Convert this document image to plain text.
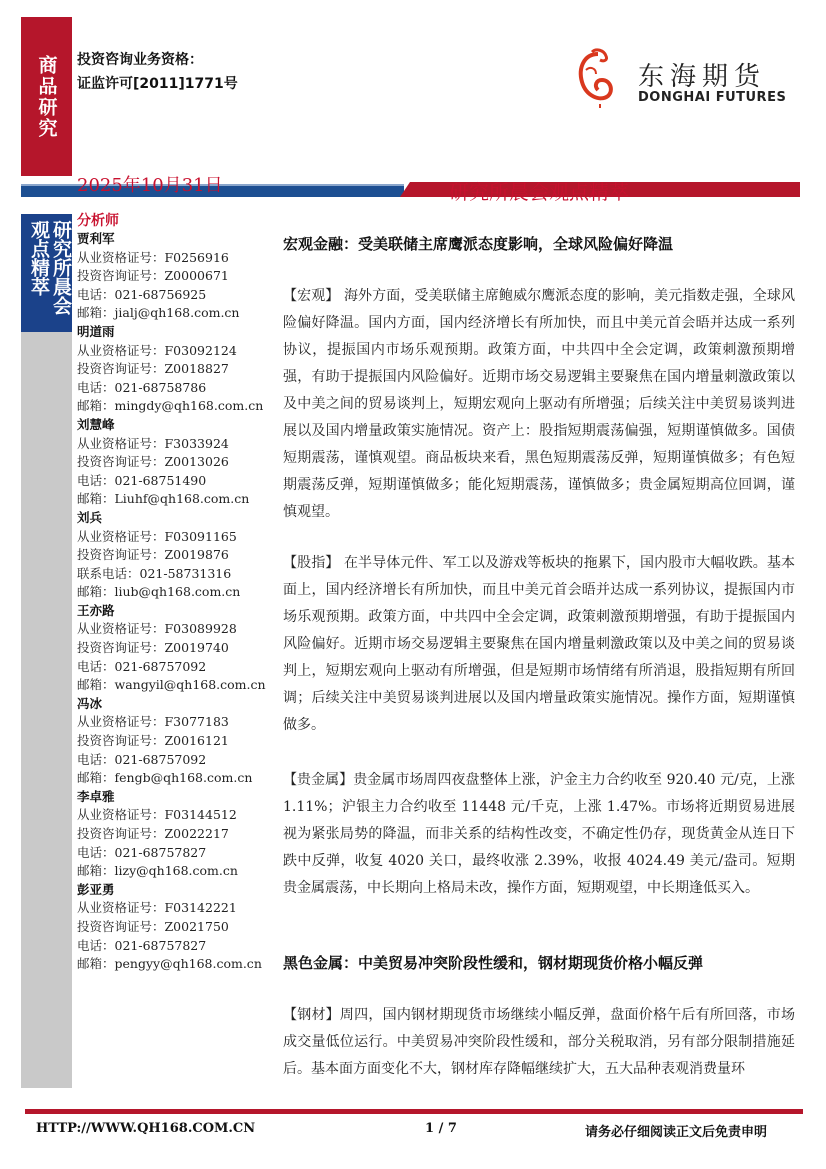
商品研究 投资咨询业务资格：
证监许可[2011]1771号	东海期货
DONGHAI FUTURES
研究所晨会观点精萃
2025年10月31日	研究所晨会观点精萃
分析师
贾利军
从业资格证号：F0256916
投资咨询证号：Z0000671
电话：021-68756925
邮箱：jialj@qh168.com.cn
明道雨
从业资格证号：F03092124
投资咨询证号：Z0018827
电话：021-68758786
邮箱：mingdy@qh168.com.cn
刘慧峰
从业资格证号：F3033924
投资咨询证号：Z0013026
电话：021-68751490
邮箱：Liuhf@qh168.com.cn
刘兵
从业资格证号：F03091165
投资咨询证号：Z0019876
联系电话：021-58731316
邮箱：liub@qh168.com.cn
王亦路
从业资格证号：F03089928
投资咨询证号：Z0019740
电话：021-68757092
邮箱：wangyil@qh168.com.cn
冯冰
从业资格证号：F3077183
投资咨询证号：Z0016121
电话：021-68757092
邮箱：fengb@qh168.com.cn
李卓雅
从业资格证号：F03144512
投资咨询证号：Z0022217
电话：021-68757827
邮箱：lizy@qh168.com.cn
彭亚勇
从业资格证号：F03142221
投资咨询证号：Z0021750
电话：021-68757827
邮箱：pengyy@qh168.com.cn
宏观金融：受美联储主席鹰派态度影响，全球风险偏好降温
【宏观】 海外方面，受美联储主席鲍威尔鹰派态度的影响，美元指数走强，全球风险偏好降温。国内方面，国内经济增长有所加快，而且中美元首会晤并达成一系列协议，提振国内市场乐观预期。政策方面，中共四中全会定调，政策刺激预期增强，有助于提振国内风险偏好。近期市场交易逻辑主要聚焦在国内增量刺激政策以及中美之间的贸易谈判上，短期宏观向上驱动有所增强；后续关注中美贸易谈判进展以及国内增量政策实施情况。资产上：股指短期震荡偏强，短期谨慎做多。国债短期震荡，谨慎观望。商品板块来看，黑色短期震荡反弹，短期谨慎做多；有色短期震荡反弹，短期谨慎做多；能化短期震荡，谨慎做多；贵金属短期高位回调，谨慎观望。
【股指】 在半导体元件、军工以及游戏等板块的拖累下，国内股市大幅收跌。基本面上，国内经济增长有所加快，而且中美元首会晤并达成一系列协议，提振国内市场乐观预期。政策方面，中共四中全会定调，政策刺激预期增强，有助于提振国内风险偏好。近期市场交易逻辑主要聚焦在国内增量刺激政策以及中美之间的贸易谈判上，短期宏观向上驱动有所增强，但是短期市场情绪有所消退，股指短期有所回调；后续关注中美贸易谈判进展以及国内增量政策实施情况。操作方面，短期谨慎做多。
【贵金属】贵金属市场周四夜盘整体上涨，沪金主力合约收至 920.40 元/克，上涨 1.11%；沪银主力合约收至 11448 元/千克，上涨 1.47%。市场将近期贸易进展视为紧张局势的降温，而非关系的结构性改变，不确定性仍存，现货黄金从连日下跌中反弹，收复 4020 关口，最终收涨 2.39%，收报 4024.49 美元/盎司。短期贵金属震荡，中长期向上格局未改，操作方面，短期观望，中长期逢低买入。
黑色金属：中美贸易冲突阶段性缓和，钢材期现货价格小幅反弹
【钢材】周四，国内钢材期现货市场继续小幅反弹，盘面价格午后有所回落，市场成交量低位运行。中美贸易冲突阶段性缓和，部分关税取消，另有部分限制措施延后。基本面方面变化不大，钢材库存降幅继续扩大，五大品种表观消费量环
HTTP://WWW.QH168.COM.CN	1 / 7	请务必仔细阅读正文后免责申明
